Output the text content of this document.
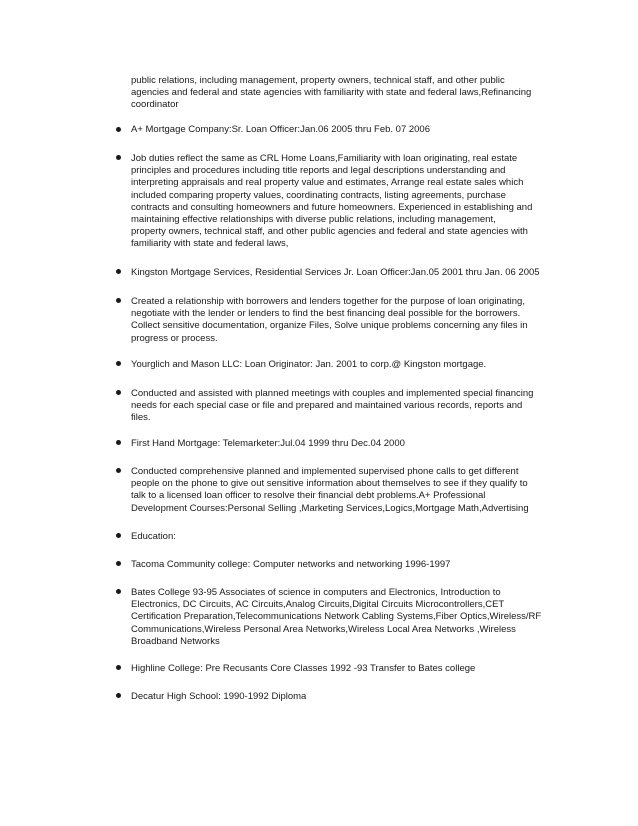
public relations, including management, property owners, technical staff, and other public
agencies and federal and state agencies with familiarity with state and federal laws,Refinancing
coordinator
A+ Mortgage Company:Sr. Loan Officer:Jan.06 2005 thru Feb. 07 2006
Job duties reflect the same as CRL Home Loans,Familiarity with loan originating, real estate
principles and procedures including title reports and legal descriptions understanding and
interpreting appraisals and real property value and estimates, Arrange real estate sales which
included comparing property values, coordinating contracts, listing agreements, purchase
contracts and consulting homeowners and future homeowners. Experienced in establishing and
maintaining effective relationships with diverse public relations, including management,
property owners, technical staff, and other public agencies and federal and state agencies with
familiarity with state and federal laws,
Kingston Mortgage Services, Residential Services Jr. Loan Officer:Jan.05 2001 thru Jan. 06 2005
Created a relationship with borrowers and lenders together for the purpose of loan originating,
negotiate with the lender or lenders to find the best financing deal possible for the borrowers.
Collect sensitive documentation, organize Files, Solve unique problems concerning any files in
progress or process.
Yourglich and Mason LLC: Loan Originator: Jan. 2001 to corp.@ Kingston mortgage.
Conducted and assisted with planned meetings with couples and implemented special financing
needs for each special case or file and prepared and maintained various records, reports and
files.
First Hand Mortgage: Telemarketer:Jul.04 1999 thru Dec.04 2000
Conducted comprehensive planned and implemented supervised phone calls to get different
people on the phone to give out sensitive information about themselves to see if they qualify to
talk to a licensed loan officer to resolve their financial debt problems.A+ Professional
Development Courses:Personal Selling ,Marketing Services,Logics,Mortgage Math,Advertising
Education:
Tacoma Community college: Computer networks and networking 1996-1997
Bates College 93-95 Associates of science in computers and Electronics, Introduction to
Electronics, DC Circuits, AC Circuits,Analog Circuits,Digital Circuits Microcontrollers,CET
Certification Preparation,Telecommunications Network Cabling Systems,Fiber Optics,Wireless/RF
Communications,Wireless Personal Area Networks,Wireless Local Area Networks ,Wireless
Broadband Networks
Highline College: Pre Recusants Core Classes 1992 -93 Transfer to Bates college
Decatur High School: 1990-1992 Diploma
